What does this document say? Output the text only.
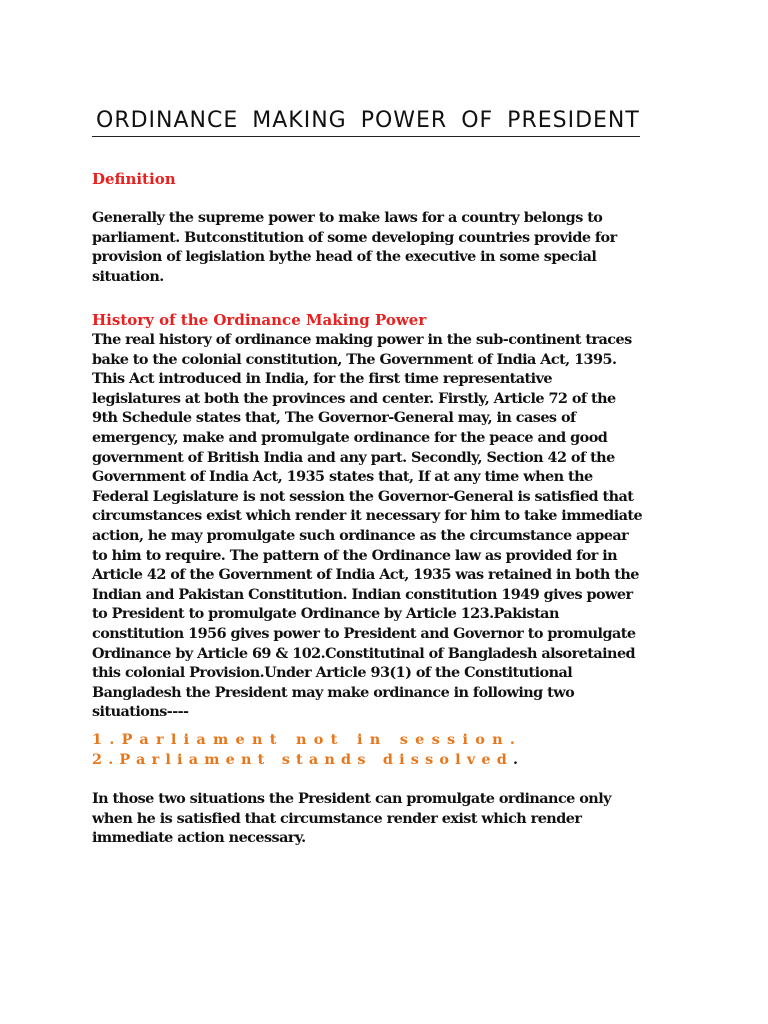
ORDINANCE MAKING POWER OF PRESIDENT
Definition

Generally the supreme power to make laws for a country belongs to
parliament. Butconstitution of some developing countries provide for
provision of legislation bythe head of the executive in some special
situation.

History of the Ordinance Making Power

The real history of ordinance making power in the sub-continent traces
bake to the colonial constitution, The Government of India Act, 1395.
This Act introduced in India, for the first time representative
legislatures at both the provinces and center. Firstly, Article 72 of the
9th Schedule states that, The Governor-General may, in cases of
emergency, make and promulgate ordinance for the peace and good
government of British India and any part. Secondly, Section 42 of the
Government of India Act, 1935 states that, If at any time when the
Federal Legislature is not session the Governor-General is satisfied that
circumstances exist which render it necessary for him to take immediate
action, he may promulgate such ordinance as the circumstance appear
to him to require. The pattern of the Ordinance law as provided for in
Article 42 of the Government of India Act, 1935 was retained in both the
Indian and Pakistan Constitution. Indian constitution 1949 gives power
to President to promulgate Ordinance by Article 123.Pakistan
constitution 1956 gives power to President and Governor to promulgate
Ordinance by Article 69 & 102.Constitutinal of Bangladesh alsoretained
this colonial Provision.Under Article 93(1) of the Constitutional
Bangladesh the President may make ordinance in following two
situations----

1.Parliament not in session.
2.Parliament stands dissolved.

In those two situations the President can promulgate ordinance only
when he is satisfied that circumstance render exist which render
immediate action necessary.
